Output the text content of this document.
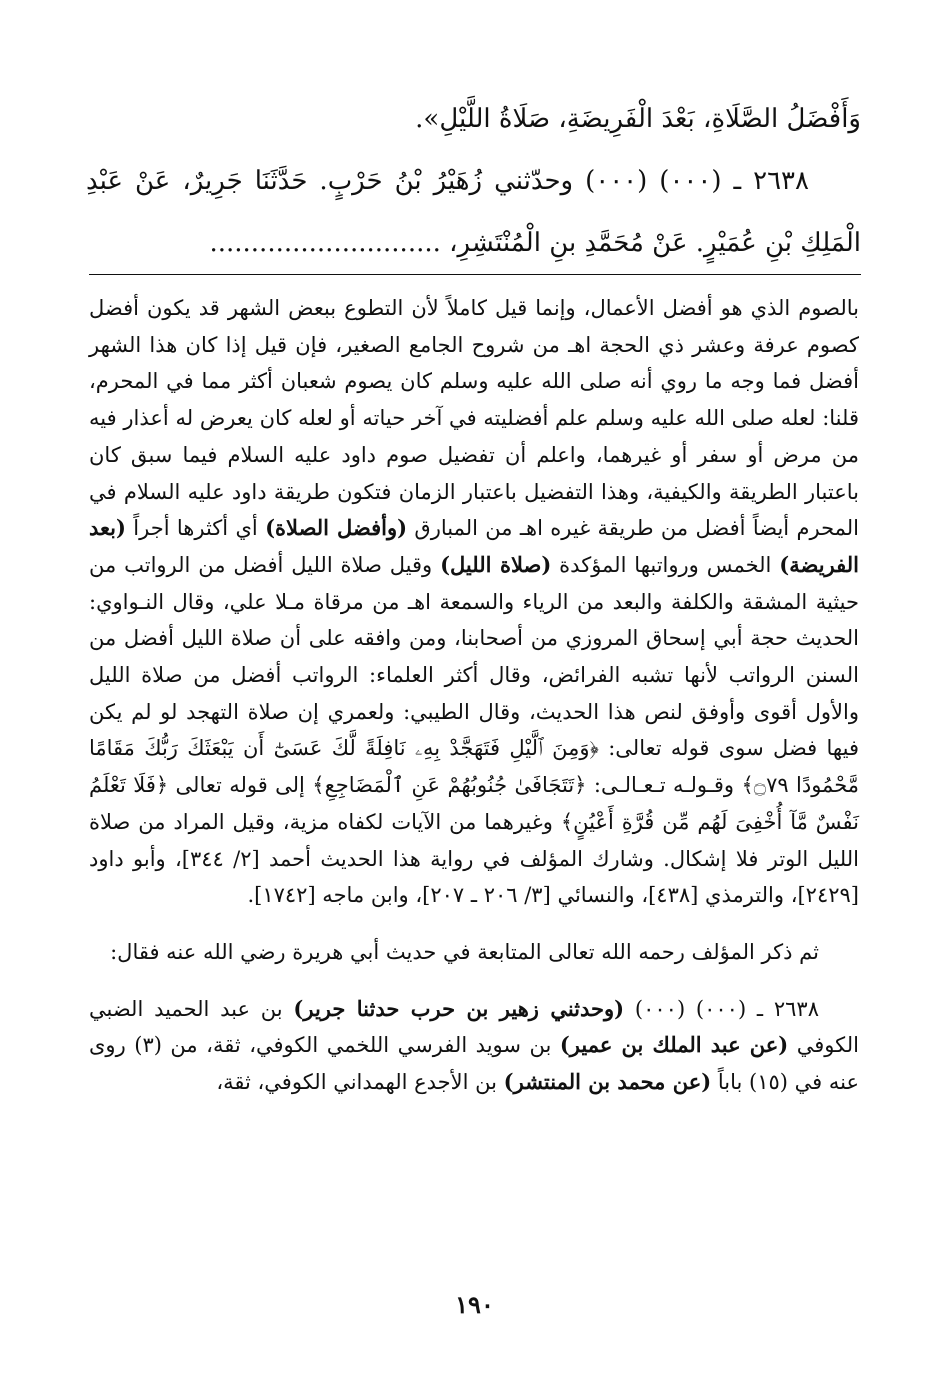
وَأَفْضَلُ الصَّلَاةِ، بَعْدَ الْفَرِيضَةِ، صَلَاةُ اللَّيْلِ».

٢٦٣٨ ـ (٠٠٠) (٠٠٠) وحدّثني زُهَيْرُ بْنُ حَرْبٍ. حَدَّثَنَا جَرِيرٌ، عَنْ عَبْدِ الْمَلِكِ بْنِ عُمَيْرٍ. عَنْ مُحَمَّدِ بنِ الْمُنْتَشِرِ، ............................

بالصوم الذي هو أفضل الأعمال، وإنما قيل كاملاً لأن التطوع ببعض الشهر قد يكون أفضل كصوم عرفة وعشر ذي الحجة اهـ من شروح الجامع الصغير، فإن قيل إذا كان هذا الشهر أفضل فما وجه ما روي أنه صلى الله عليه وسلم كان يصوم شعبان أكثر مما في المحرم، قلنا: لعله صلى الله عليه وسلم علم أفضليته في آخر حياته أو لعله كان يعرض له أعذار فيه من مرض أو سفر أو غيرهما، واعلم أن تفضيل صوم داود عليه السلام فيما سبق كان باعتبار الطريقة والكيفية، وهذا التفضيل باعتبار الزمان فتكون طريقة داود عليه السلام في المحرم أيضاً أفضل من طريقة غيره اهـ من المبارق (وأفضل الصلاة) أي أكثرها أجراً (بعد الفريضة) الخمس ورواتبها المؤكدة (صلاة الليل) وقيل صلاة الليل أفضل من الرواتب من حيثية المشقة والكلفة والبعد من الرياء والسمعة اهـ من مرقاة مـلا علي، وقال النـواوي: الحديث حجة أبي إسحاق المروزي من أصحابنا، ومن وافقه على أن صلاة الليل أفضل من السنن الرواتب لأنها تشبه الفرائض، وقال أكثر العلماء: الرواتب أفضل من صلاة الليل والأول أقوى وأوفق لنص هذا الحديث، وقال الطيبي: ولعمري إن صلاة التهجد لو لم يكن فيها فضل سوى قوله تعالى: ﴿وَمِنَ ٱلَّيْلِ فَتَهَجَّدْ بِهِۦ نَافِلَةً لَّكَ عَسَىٰٓ أَن يَبْعَثَكَ رَبُّكَ مَقَامًا مَّحْمُودًا ۝٧٩﴾ وقـولـه تـعـالـى: ﴿تَتَجَافَىٰ جُنُوبُهُمْ عَنِ ٱلْمَضَاجِعِ﴾ إلى قوله تعالى ﴿فَلَا تَعْلَمُ نَفْسٌ مَّآ أُخْفِىَ لَهُم مِّن قُرَّةِ أَعْيُنٍ﴾ وغيرهما من الآيات لكفاه مزية، وقيل المراد من صلاة الليل الوتر فلا إشكال. وشارك المؤلف في رواية هذا الحديث أحمد [٢/ ٣٤٤]، وأبو داود [٢٤٢٩]، والترمذي [٤٣٨]، والنسائي [٣/ ٢٠٦ ـ ٢٠٧]، وابن ماجه [١٧٤٢].

ثم ذكر المؤلف رحمه الله تعالى المتابعة في حديث أبي هريرة رضي الله عنه فقال:

٢٦٣٨ ـ (٠٠٠) (٠٠٠) (وحدثني زهير بن حرب حدثنا جرير) بن عبد الحميد الضبي الكوفي (عن عبد الملك بن عمير) بن سويد الفرسي اللخمي الكوفي، ثقة، من (٣) روى عنه في (١٥) باباً (عن محمد بن المنتشر) بن الأجدع الهمداني الكوفي، ثقة،

١٩٠
